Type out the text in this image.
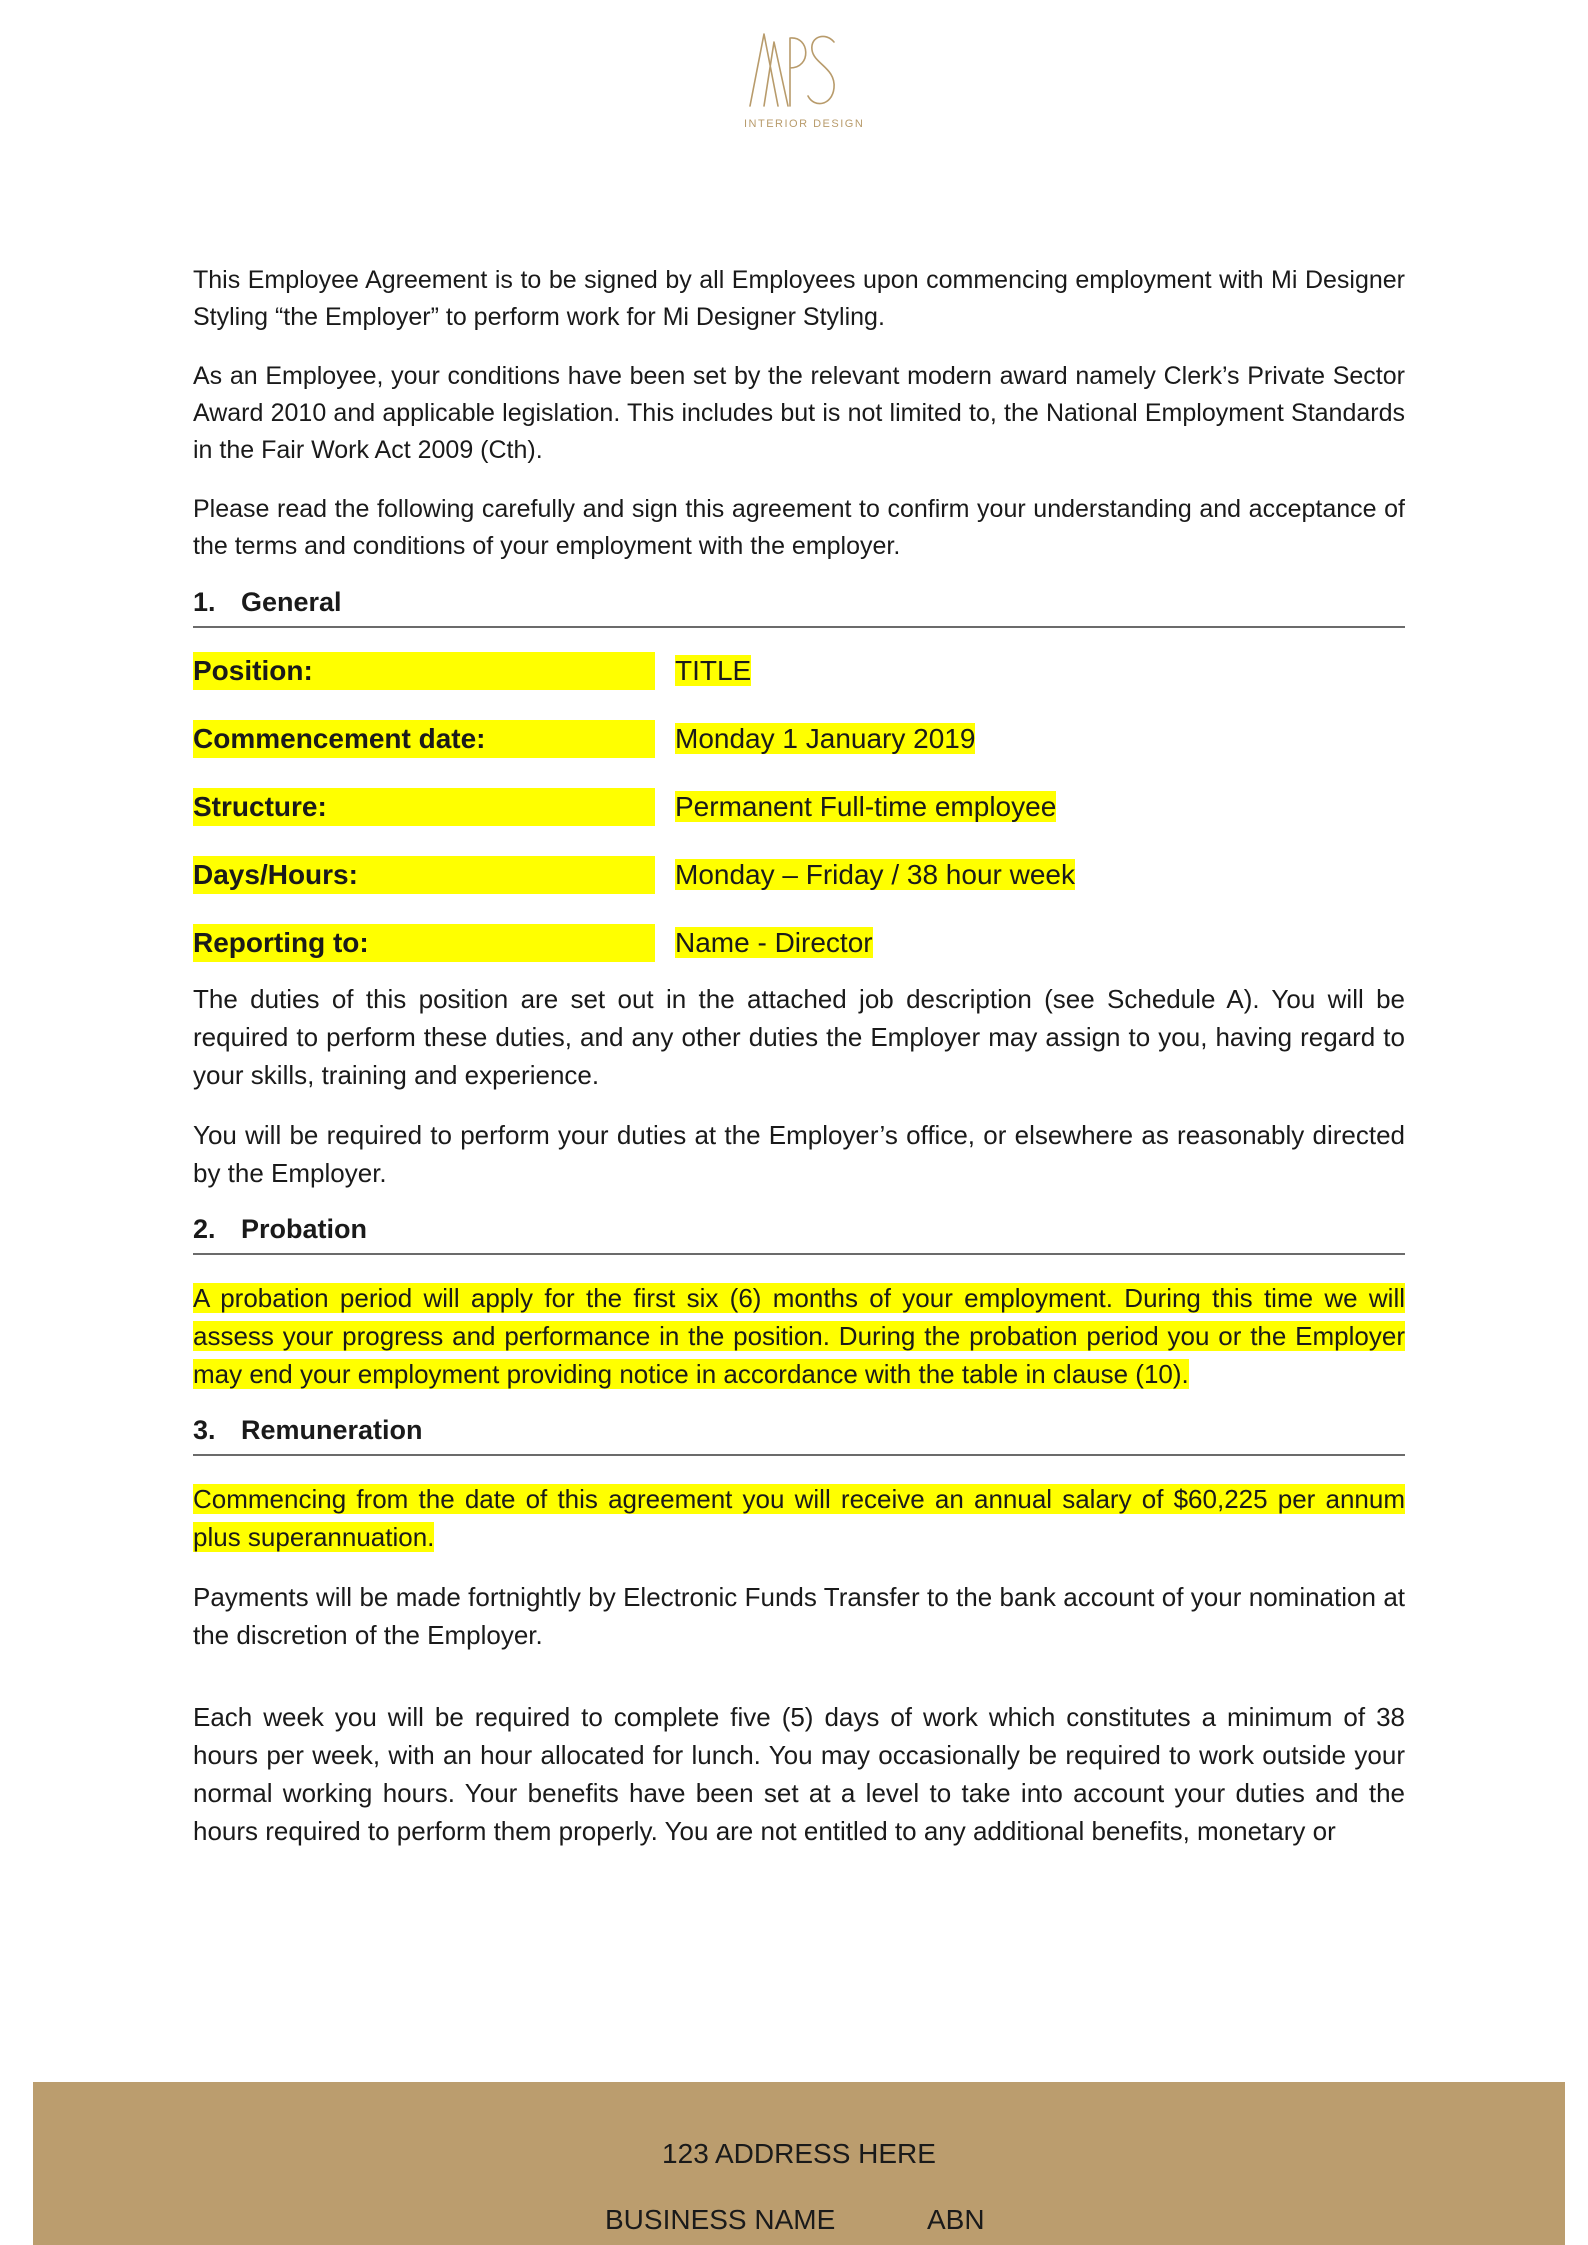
INTERIOR DESIGN

This Employee Agreement is to be signed by all Employees upon commencing employment with Mi Designer Styling “the Employer” to perform work for Mi Designer Styling.

As an Employee, your conditions have been set by the relevant modern award namely Clerk’s Private Sector Award 2010 and applicable legislation. This includes but is not limited to, the National Employment Standards in the Fair Work Act 2009 (Cth).

Please read the following carefully and sign this agreement to confirm your understanding and acceptance of the terms and conditions of your employment with the employer.

1. General
Position:	TITLE
Commencement date:	Monday 1 January 2019
Structure:	Permanent Full-time employee
Days/Hours:	Monday – Friday / 38 hour week
Reporting to:	Name - Director

The duties of this position are set out in the attached job description (see Schedule A). You will be required to perform these duties, and any other duties the Employer may assign to you, having regard to your skills, training and experience.

You will be required to perform your duties at the Employer’s office, or elsewhere as reasonably directed by the Employer.

2. Probation

A probation period will apply for the first six (6) months of your employment. During this time we will assess your progress and performance in the position. During the probation period you or the Employer may end your employment providing notice in accordance with the table in clause (10).

3. Remuneration

Commencing from the date of this agreement you will receive an annual salary of $60,225 per annum plus superannuation.

Payments will be made fortnightly by Electronic Funds Transfer to the bank account of your nomination at the discretion of the Employer.

Each week you will be required to complete five (5) days of work which constitutes a minimum of 38 hours per week, with an hour allocated for lunch. You may occasionally be required to work outside your normal working hours. Your benefits have been set at a level to take into account your duties and the hours required to perform them properly. You are not entitled to any additional benefits, monetary or

123 ADDRESS HERE
BUSINESS NAME	ABN
